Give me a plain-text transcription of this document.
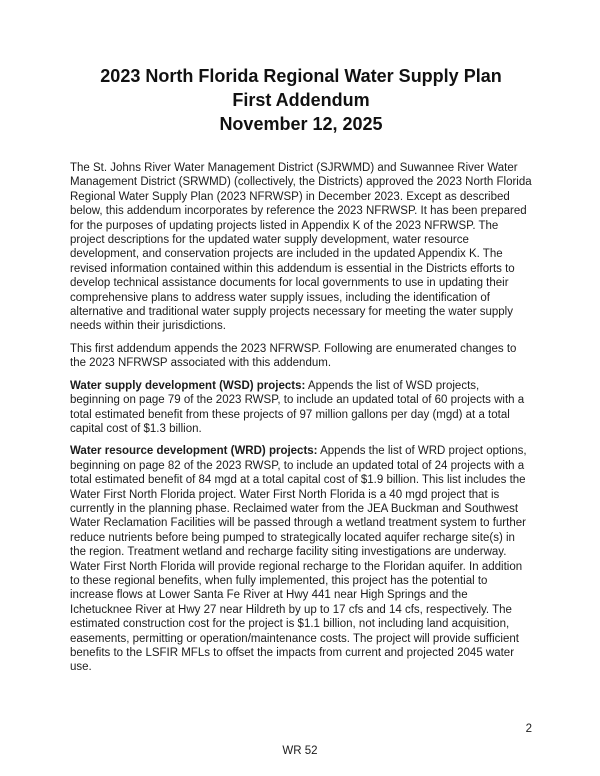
2023 North Florida Regional Water Supply Plan
First Addendum
November 12, 2025

The St. Johns River Water Management District (SJRWMD) and Suwannee River Water Management District (SRWMD) (collectively, the Districts) approved the 2023 North Florida Regional Water Supply Plan (2023 NFRWSP) in December 2023. Except as described below, this addendum incorporates by reference the 2023 NFRWSP. It has been prepared for the purposes of updating projects listed in Appendix K of the 2023 NFRWSP. The project descriptions for the updated water supply development, water resource development, and conservation projects are included in the updated Appendix K. The revised information contained within this addendum is essential in the Districts efforts to develop technical assistance documents for local governments to use in updating their comprehensive plans to address water supply issues, including the identification of alternative and traditional water supply projects necessary for meeting the water supply needs within their jurisdictions.

This first addendum appends the 2023 NFRWSP. Following are enumerated changes to the 2023 NFRWSP associated with this addendum.

Water supply development (WSD) projects: Appends the list of WSD projects, beginning on page 79 of the 2023 RWSP, to include an updated total of 60 projects with a total estimated benefit from these projects of 97 million gallons per day (mgd) at a total capital cost of $1.3 billion.

Water resource development (WRD) projects: Appends the list of WRD project options, beginning on page 82 of the 2023 RWSP, to include an updated total of 24 projects with a total estimated benefit of 84 mgd at a total capital cost of $1.9 billion. This list includes the Water First North Florida project. Water First North Florida is a 40 mgd project that is currently in the planning phase. Reclaimed water from the JEA Buckman and Southwest Water Reclamation Facilities will be passed through a wetland treatment system to further reduce nutrients before being pumped to strategically located aquifer recharge site(s) in the region. Treatment wetland and recharge facility siting investigations are underway. Water First North Florida will provide regional recharge to the Floridan aquifer. In addition to these regional benefits, when fully implemented, this project has the potential to increase flows at Lower Santa Fe River at Hwy 441 near High Springs and the Ichetucknee River at Hwy 27 near Hildreth by up to 17 cfs and 14 cfs, respectively. The estimated construction cost for the project is $1.1 billion, not including land acquisition, easements, permitting or operation/maintenance costs. The project will provide sufficient benefits to the LSFIR MFLs to offset the impacts from current and projected 2045 water use.

2
WR 52
